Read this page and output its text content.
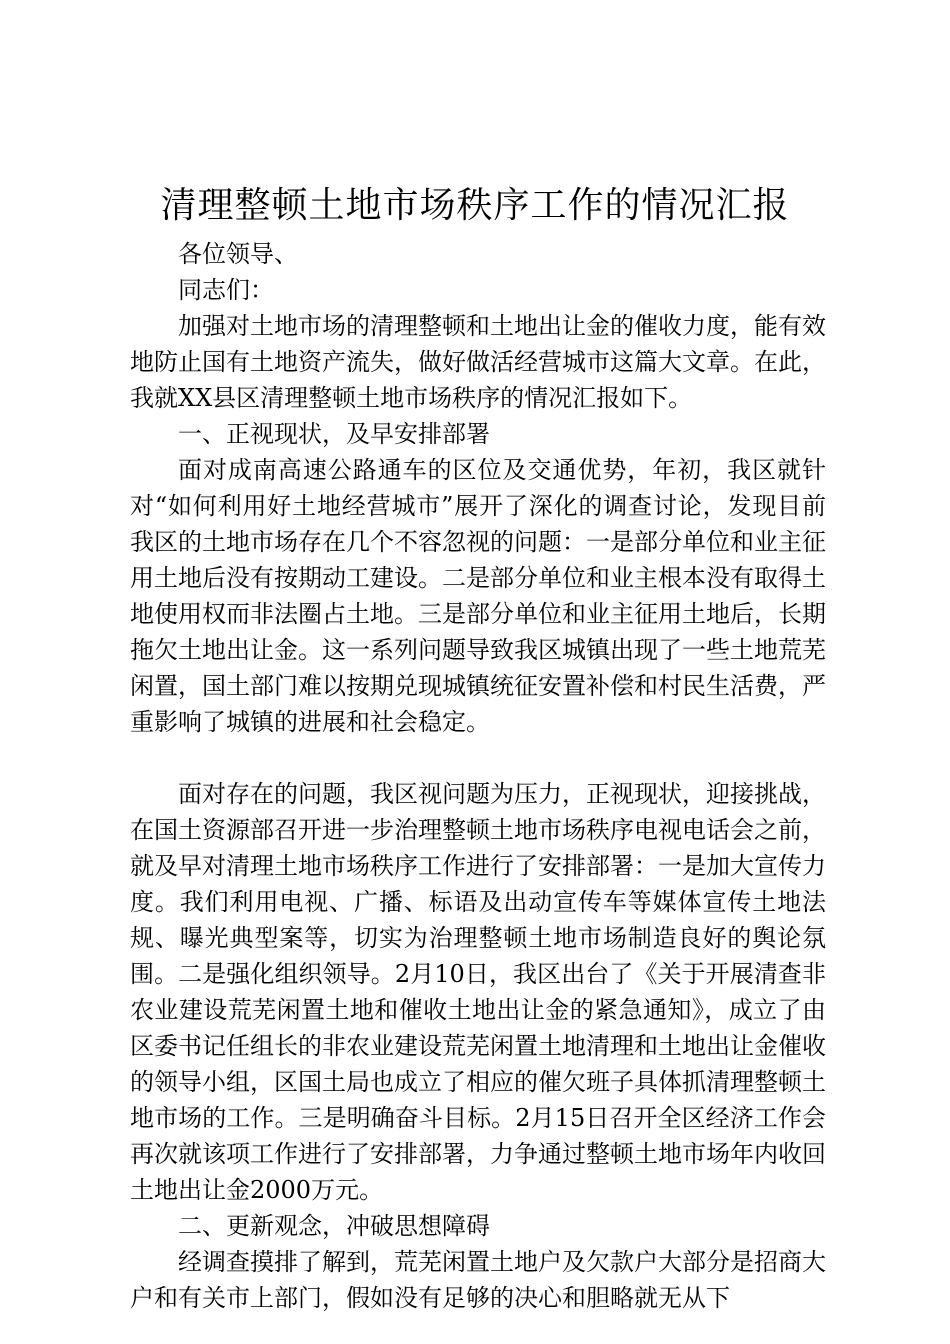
清理整顿土地市场秩序工作的情况汇报

各位领导、

同志们：

加强对土地市场的清理整顿和土地出让金的催收力度，能有效地防止国有土地资产流失，做好做活经营城市这篇大文章。在此，我就XX县区清理整顿土地市场秩序的情况汇报如下。

一、正视现状，及早安排部署

面对成南高速公路通车的区位及交通优势，年初，我区就针对“如何利用好土地经营城市”展开了深化的调查讨论，发现目前我区的土地市场存在几个不容忽视的问题：一是部分单位和业主征用土地后没有按期动工建设。二是部分单位和业主根本没有取得土地使用权而非法圈占土地。三是部分单位和业主征用土地后，长期拖欠土地出让金。这一系列问题导致我区城镇出现了一些土地荒芜闲置，国土部门难以按期兑现城镇统征安置补偿和村民生活费，严重影响了城镇的进展和社会稳定。

面对存在的问题，我区视问题为压力，正视现状，迎接挑战，在国土资源部召开进一步治理整顿土地市场秩序电视电话会之前，就及早对清理土地市场秩序工作进行了安排部署：一是加大宣传力度。我们利用电视、广播、标语及出动宣传车等媒体宣传土地法规、曝光典型案等，切实为治理整顿土地市场制造良好的舆论氛围。二是强化组织领导。2月10日，我区出台了《关于开展清查非农业建设荒芜闲置土地和催收土地出让金的紧急通知》，成立了由区委书记任组长的非农业建设荒芜闲置土地清理和土地出让金催收的领导小组，区国土局也成立了相应的催欠班子具体抓清理整顿土地市场的工作。三是明确奋斗目标。2月15日召开全区经济工作会再次就该项工作进行了安排部署，力争通过整顿土地市场年内收回土地出让金2000万元。

二、更新观念，冲破思想障碍

经调查摸排了解到，荒芜闲置土地户及欠款户大部分是招商大户和有关市上部门，假如没有足够的决心和胆略就无从下
